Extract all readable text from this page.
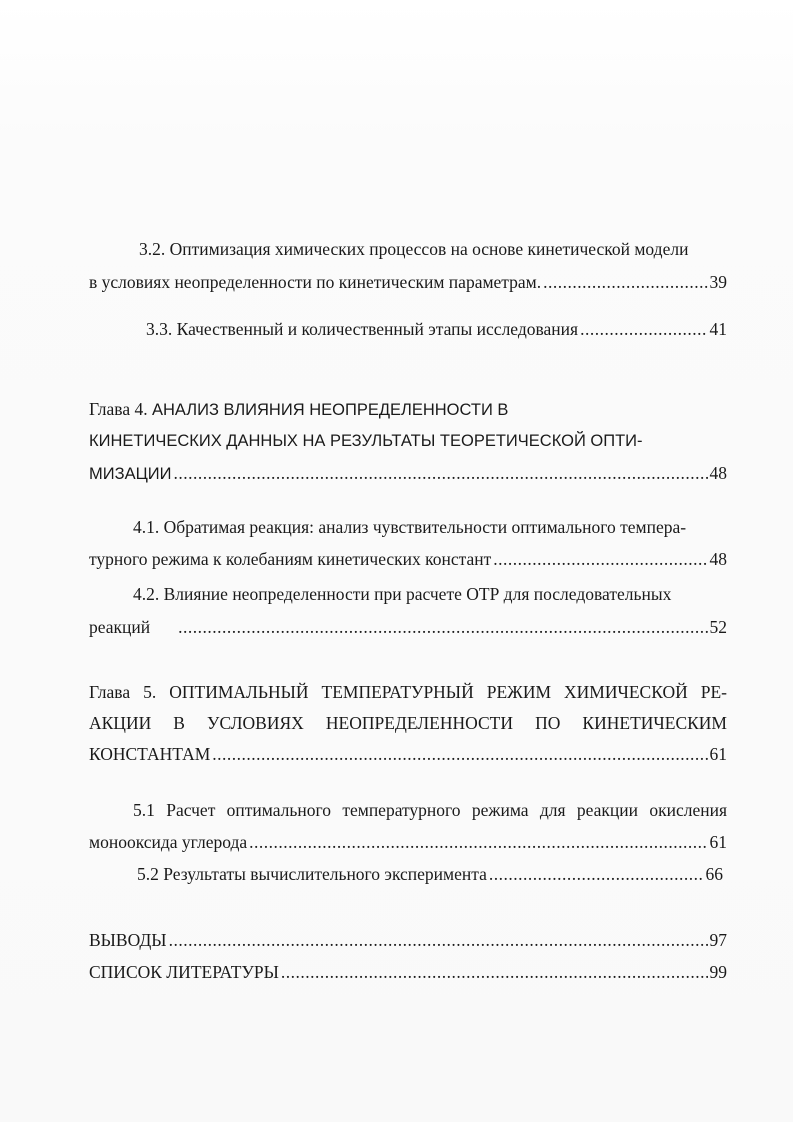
3.2. Оптимизация химических процессов на основе кинетической модели
в условиях неопределенности по кинетическим параметрам. .....	39
3.3. Качественный и количественный этапы исследования .....	41
Глава 4. АНАЛИЗ ВЛИЯНИЯ НЕОПРЕДЕЛЕННОСТИ В
КИНЕТИЧЕСКИХ ДАННЫХ НА РЕЗУЛЬТАТЫ ТЕОРЕТИЧЕСКОЙ ОПТИ-
МИЗАЦИИ .....	48
4.1. Обратимая реакция: анализ чувствительности оптимального темпера-
турного режима к колебаниям кинетических констант .....	48
4.2. Влияние неопределенности при расчете ОТР для последовательных
реакций .....	52
Глава 5. ОПТИМАЛЬНЫЙ ТЕМПЕРАТУРНЫЙ РЕЖИМ ХИМИЧЕСКОЙ РЕ-
АКЦИИ В УСЛОВИЯХ НЕОПРЕДЕЛЕННОСТИ ПО КИНЕТИЧЕСКИМ
КОНСТАНТАМ .....	61
5.1 Расчет оптимального температурного режима для реакции окисления
монооксида углерода .....	61
5.2 Результаты вычислительного эксперимента .....	66
ВЫВОДЫ .....	97
СПИСОК ЛИТЕРАТУРЫ .....	99
